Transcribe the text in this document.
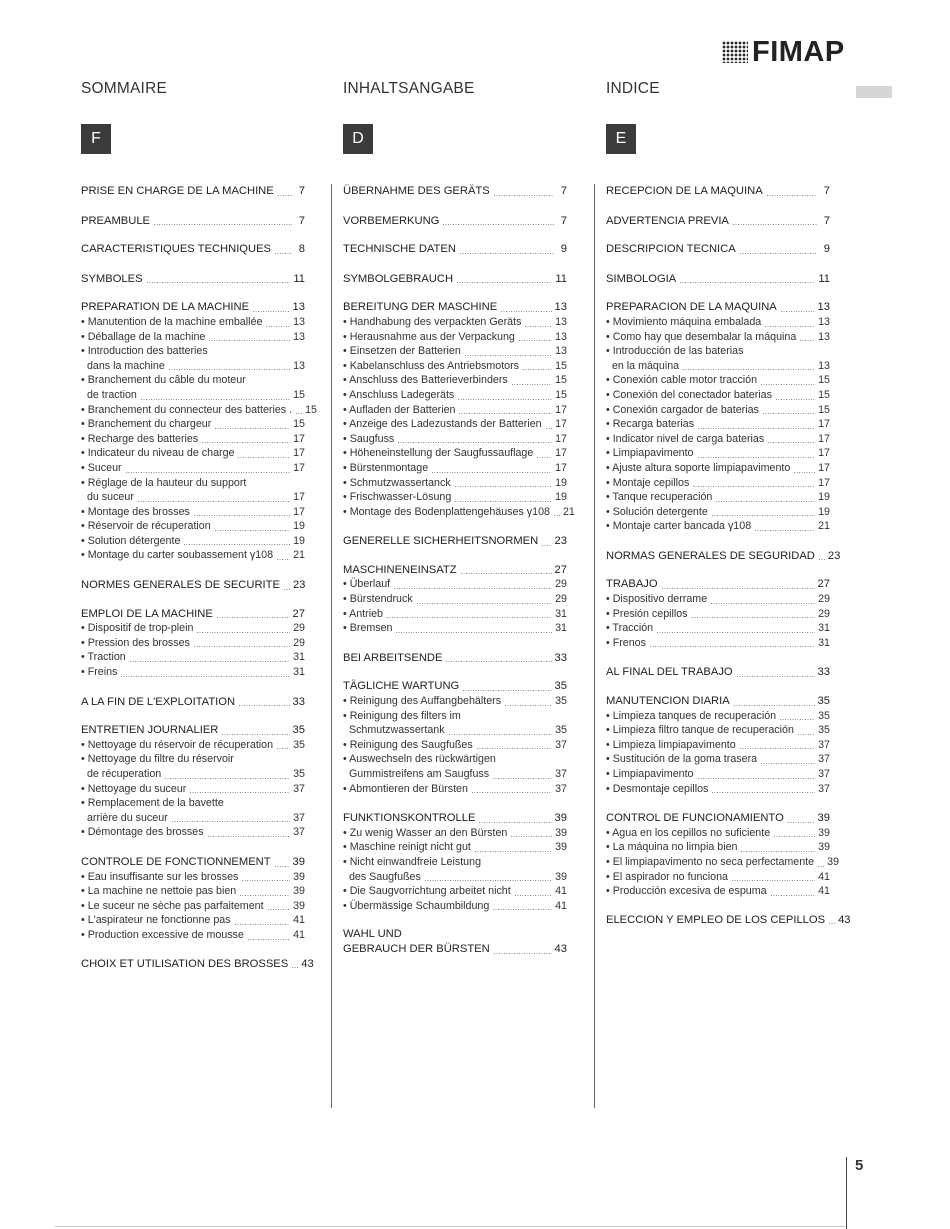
FIMAP
SOMMAIRE
F
PRISE EN CHARGE DE LA MACHINE	7
PREAMBULE	7
CARACTERISTIQUES TECHNIQUES	8
SYMBOLES	11
PREPARATION DE LA MACHINE	13
• Manutention de la machine emballée	13
• Déballage de la machine	13
• Introduction des batteries
dans la machine	13
• Branchement du câble du moteur
de traction	15
• Branchement du connecteur des batteries . 15
• Branchement du chargeur	15
• Recharge des batteries	17
• Indicateur du niveau de charge	17
• Suceur	17
• Réglage de la hauteur du support
du suceur	17
• Montage des brosses	17
• Réservoir de récuperation	19
• Solution détergente	19
• Montage du carter soubassement γ108 21
NORMES GENERALES DE SECURITE 23
EMPLOI DE LA MACHINE	27
• Dispositif de trop-plein	29
• Pression des brosses	29
• Traction	31
• Freins	31
A LA FIN DE L'EXPLOITATION	33
ENTRETIEN JOURNALIER	35
• Nettoyage du réservoir de récuperation 35
• Nettoyage du filtre du réservoir
de récuperation	35
• Nettoyage du suceur	37
• Remplacement de la bavette
arrière du suceur	37
• Démontage des brosses	37
CONTROLE DE FONCTIONNEMENT 39
• Eau insuffisante sur les brosses	39
• La machine ne nettoie pas bien	39
• Le suceur ne sèche pas parfaitement	39
• L'aspirateur ne fonctionne pas	41
• Production excessive de mousse	41
CHOIX ET UTILISATION DES BROSSES 43
INHALTSANGABE
D
ÜBERNAHME DES GERÄTS	7
VORBEMERKUNG	7
TECHNISCHE DATEN	9
SYMBOLGEBRAUCH	11
BEREITUNG DER MASCHINE	13
• Handhabung des verpackten Geräts	13
• Herausnahme aus der Verpackung	13
• Einsetzen der Batterien	13
• Kabelanschluss des Antriebsmotors	15
• Anschluss des Batterieverbinders	15
• Anschluss Ladegeräts	15
• Aufladen der Batterien	17
• Anzeige des Ladezustands der Batterien 17
• Saugfuss	17
• Höheneinstellung der Saugfussauflage 17
• Bürstenmontage	17
• Schmutzwassertanck	19
• Frischwasser-Lösung	19
• Montage des Bodenplattengehäuses γ108 21
GENERELLE SICHERHEITSNORMEN 23
MASCHINENEINSATZ	27
• Überlauf	29
• Bürstendruck	29
• Antrieb	31
• Bremsen	31
BEI ARBEITSENDE	33
TÄGLICHE WARTUNG	35
• Reinigung des Auffangbehälters	35
• Reinigung des filters im
Schmutzwassertank	35
• Reinigung des Saugfußes	37
• Auswechseln des rückwärtigen
Gummistreifens am Saugfuss	37
• Abmontieren der Bürsten	37
FUNKTIONSKONTROLLE	39
• Zu wenig Wasser an den Bürsten	39
• Maschine reinigt nicht gut	39
• Nicht einwandfreie Leistung
des Saugfußes	39
• Die Saugvorrichtung arbeitet nicht	41
• Übermässige Schaumbildung	41
WAHL UND
GEBRAUCH DER BÜRSTEN	43
INDICE
E
RECEPCION DE LA MAQUINA	7
ADVERTENCIA PREVIA	7
DESCRIPCION TECNICA	9
SIMBOLOGIA	11
PREPARACION DE LA MAQUINA	13
• Movimiento máquina embalada	13
• Como hay que desembalar la máquina 13
• Introducción de las baterias
en la máquina	13
• Conexión cable motor tracción	15
• Conexión del conectador baterias	15
• Conexión cargador de baterias	15
• Recarga baterias	17
• Indicator nivel de carga baterias	17
• Limpiapavimento	17
• Ajuste altura soporte limpiapavimento	17
• Montaje cepillos	17
• Tanque recuperación	19
• Solución detergente	19
• Montaje carter bancada γ108	21
NORMAS GENERALES DE SEGURIDAD 23
TRABAJO	27
• Dispositivo derrame	29
• Presión cepillos	29
• Tracción	31
• Frenos	31
AL FINAL DEL TRABAJO	33
MANUTENCION DIARIA	35
• Limpieza tanques de recuperación	35
• Limpieza filtro tanque de recuperación 35
• Limpieza limpiapavimento	37
• Sustitución de la goma trasera	37
• Limpiapavimento	37
• Desmontaje cepillos	37
CONTROL DE FUNCIONAMIENTO	39
• Agua en los cepillos no suficiente	39
• La máquina no limpia bien	39
• El limpiapavimento no seca perfectamente 39
• El aspirador no funciona	41
• Producción excesiva de espuma	41
ELECCION Y EMPLEO DE LOS CEPILLOS 43
5
